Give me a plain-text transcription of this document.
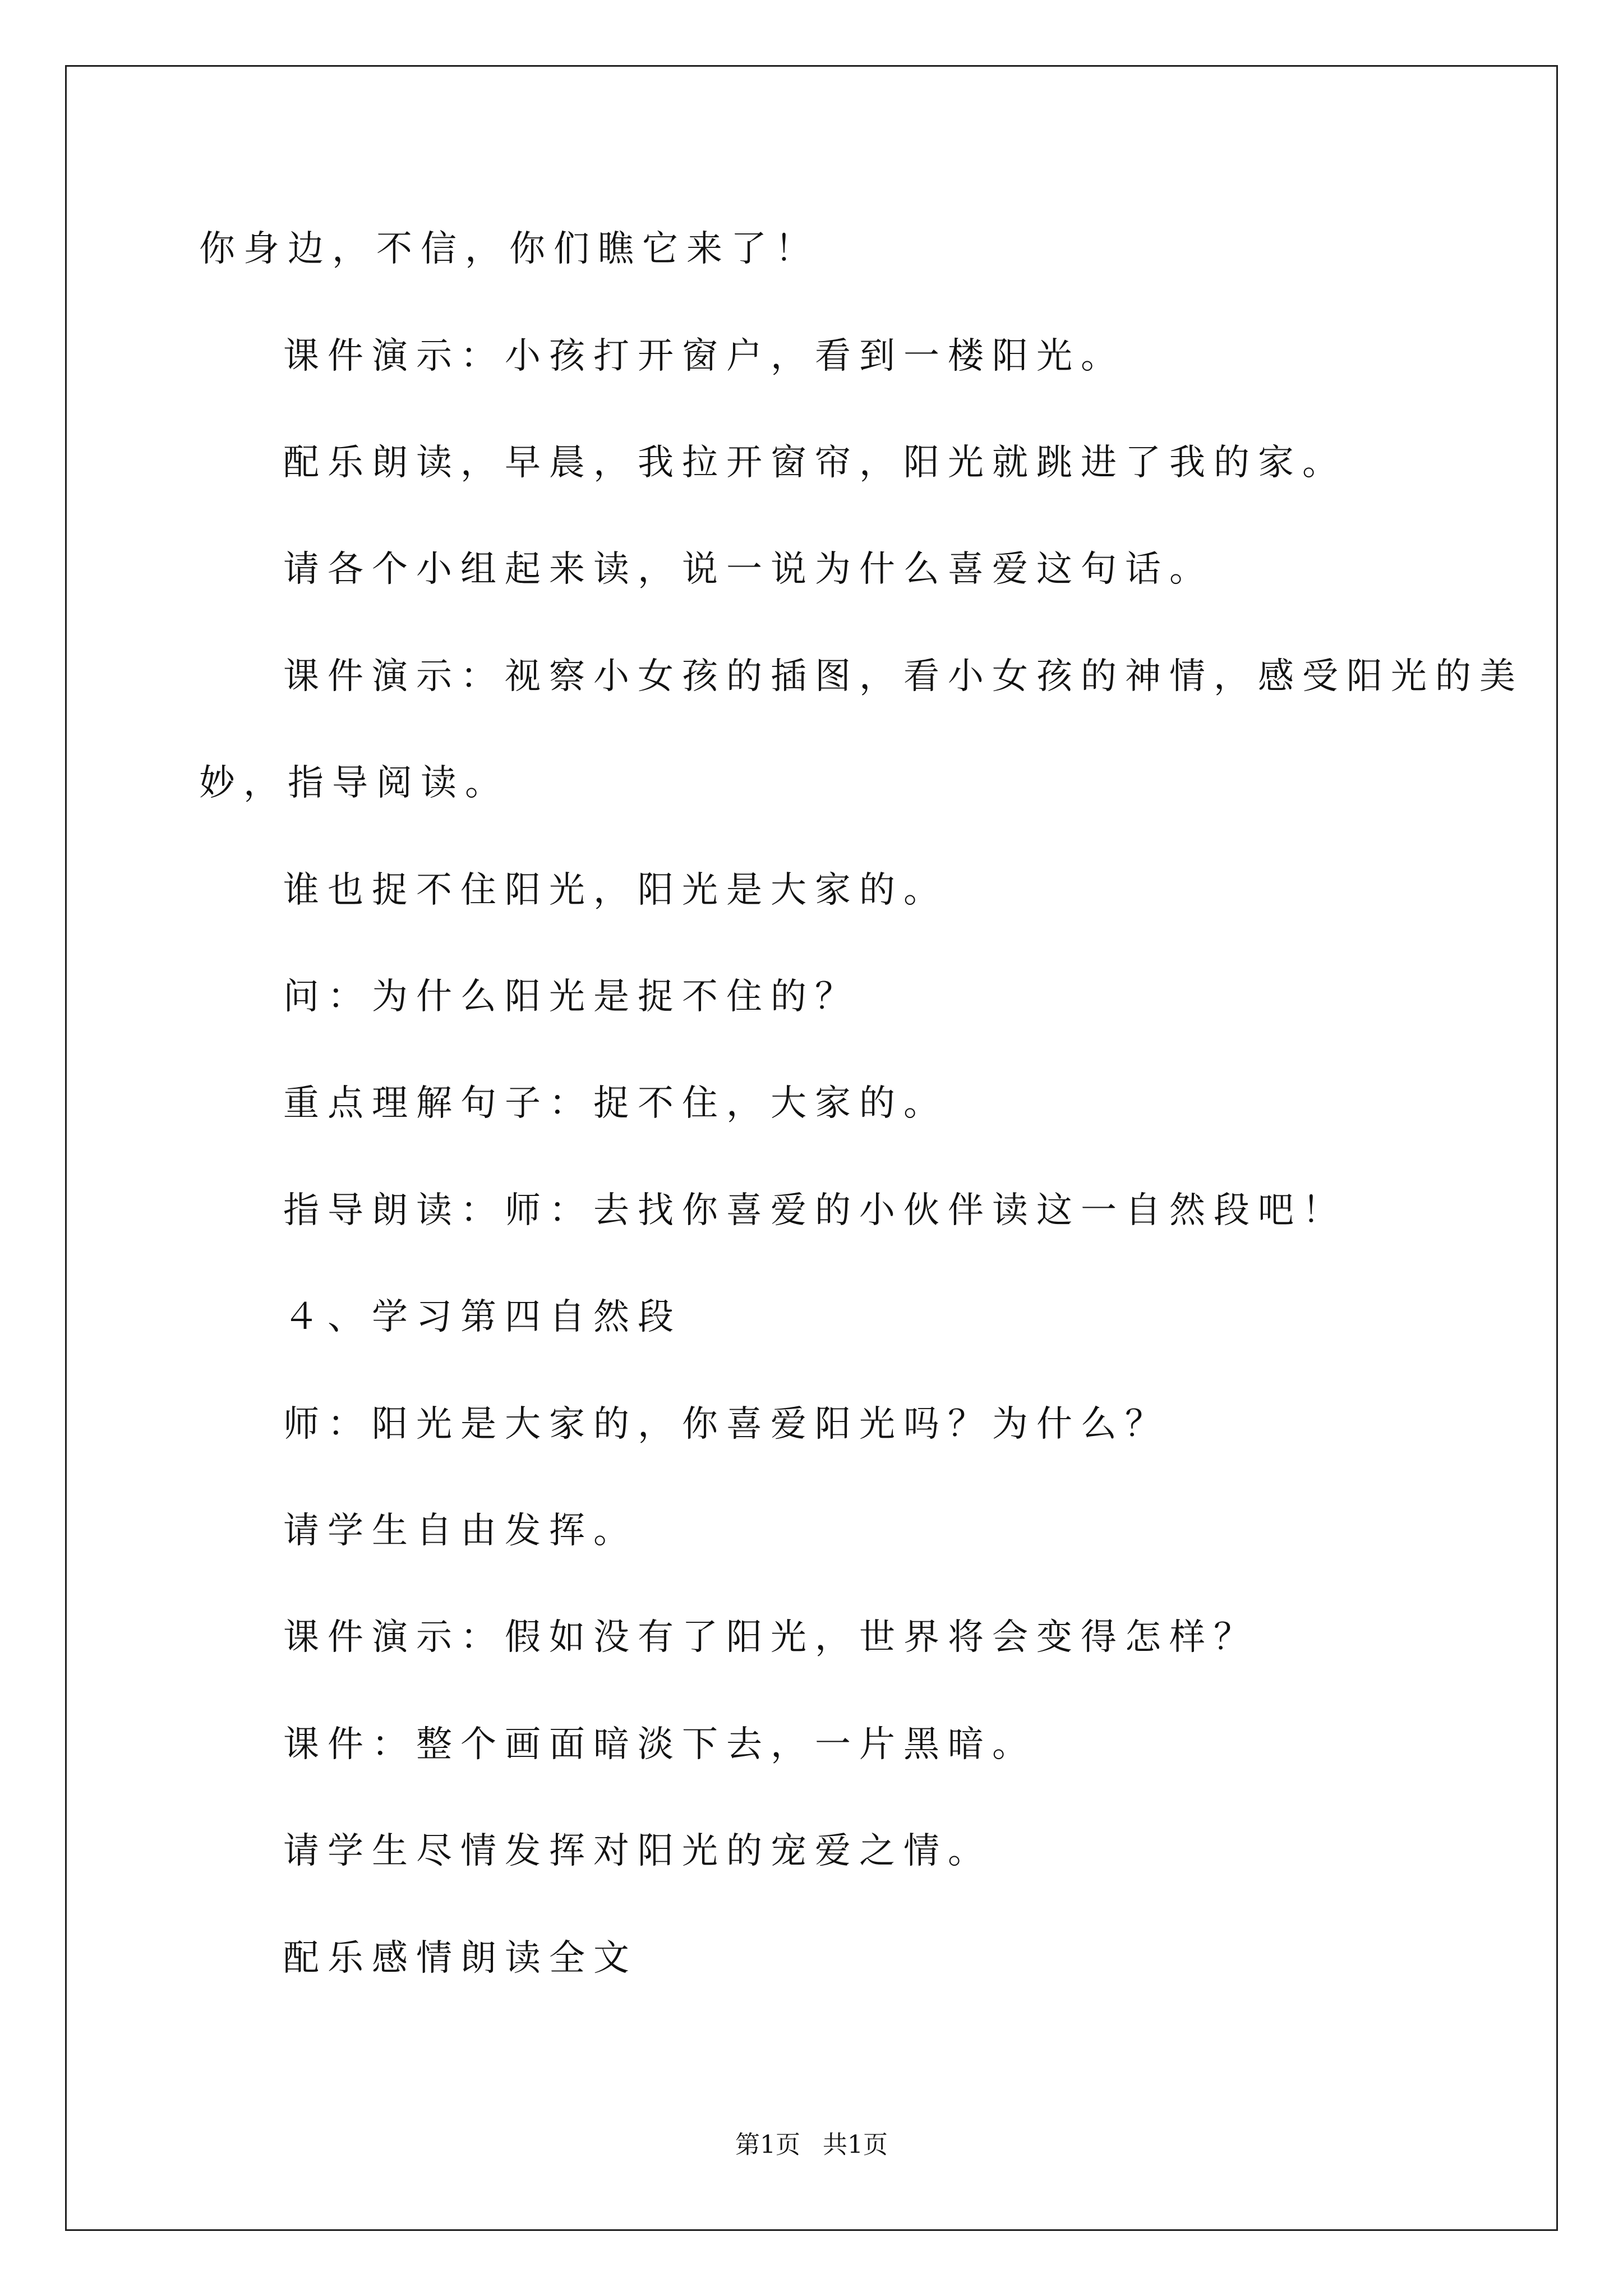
你身边，不信，你们瞧它来了！
课件演示：小孩打开窗户，看到一楼阳光。
配乐朗读，早晨，我拉开窗帘，阳光就跳进了我的家。
请各个小组起来读，说一说为什么喜爱这句话。
课件演示：视察小女孩的插图，看小女孩的神情，感受阳光的美
妙，指导阅读。
谁也捉不住阳光，阳光是大家的。
问：为什么阳光是捉不住的？
重点理解句子：捉不住，大家的。
指导朗读：师：去找你喜爱的小伙伴读这一自然段吧！
４、学习第四自然段
师：阳光是大家的，你喜爱阳光吗？为什么？
请学生自由发挥。
课件演示：假如没有了阳光，世界将会变得怎样？
课件：整个画面暗淡下去，一片黑暗。
请学生尽情发挥对阳光的宠爱之情。
配乐感情朗读全文
第1页 共1页
